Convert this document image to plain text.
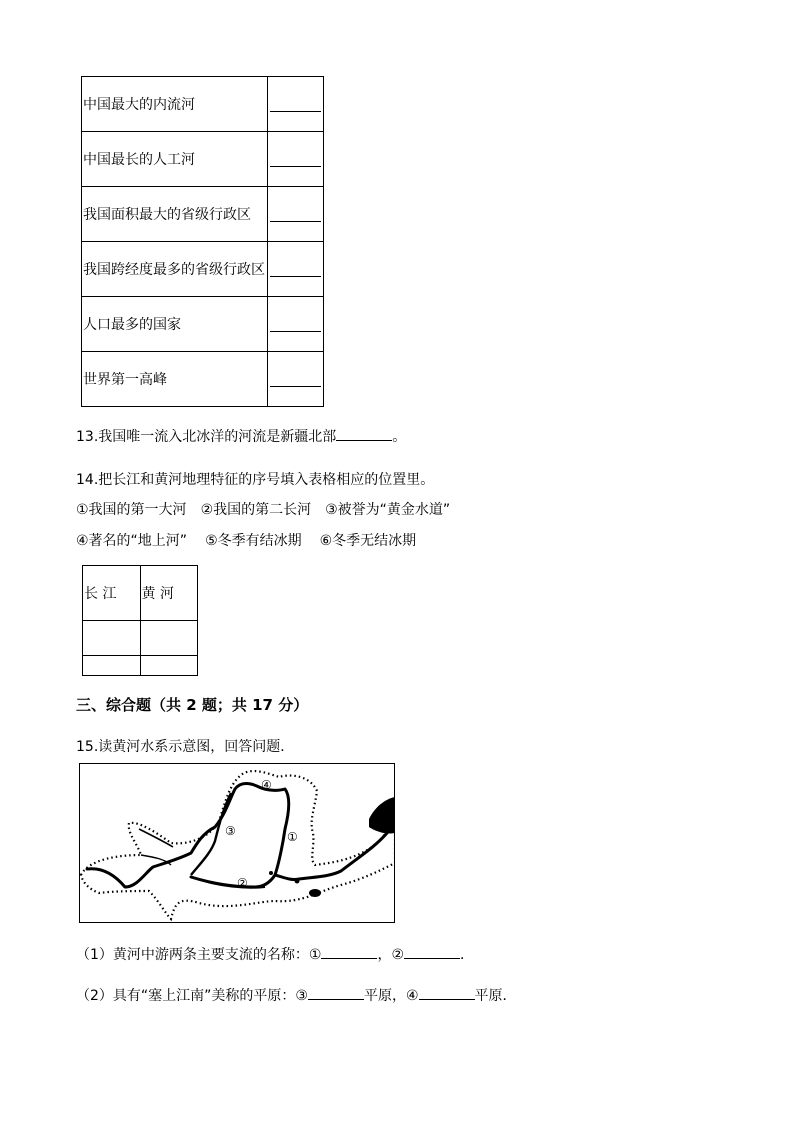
中国最大的内流河	

中国最长的人工河	

我国面积最大的省级行政区	

我国跨经度最多的省级行政区	

人口最多的国家	

世界第一高峰	
13.我国唯一流入北冰洋的河流是新疆北部	。
14.把长江和黄河地理特征的序号填入表格相应的位置里。
①我国的第一大河 ②我国的第二长河 ③被誉为“黄金水道”
④著名的“地上河” ⑤冬季有结冰期 ⑥冬季无结冰期
长 江	黄 河

三、综合题（共 2 题；共 17 分）
15.读黄河水系示意图，回答问题．
①
②
③
④
（1）黄河中游两条主要支流的名称：①	，②	．
（2）具有“塞上江南”美称的平原：③	平原，④	平原．
